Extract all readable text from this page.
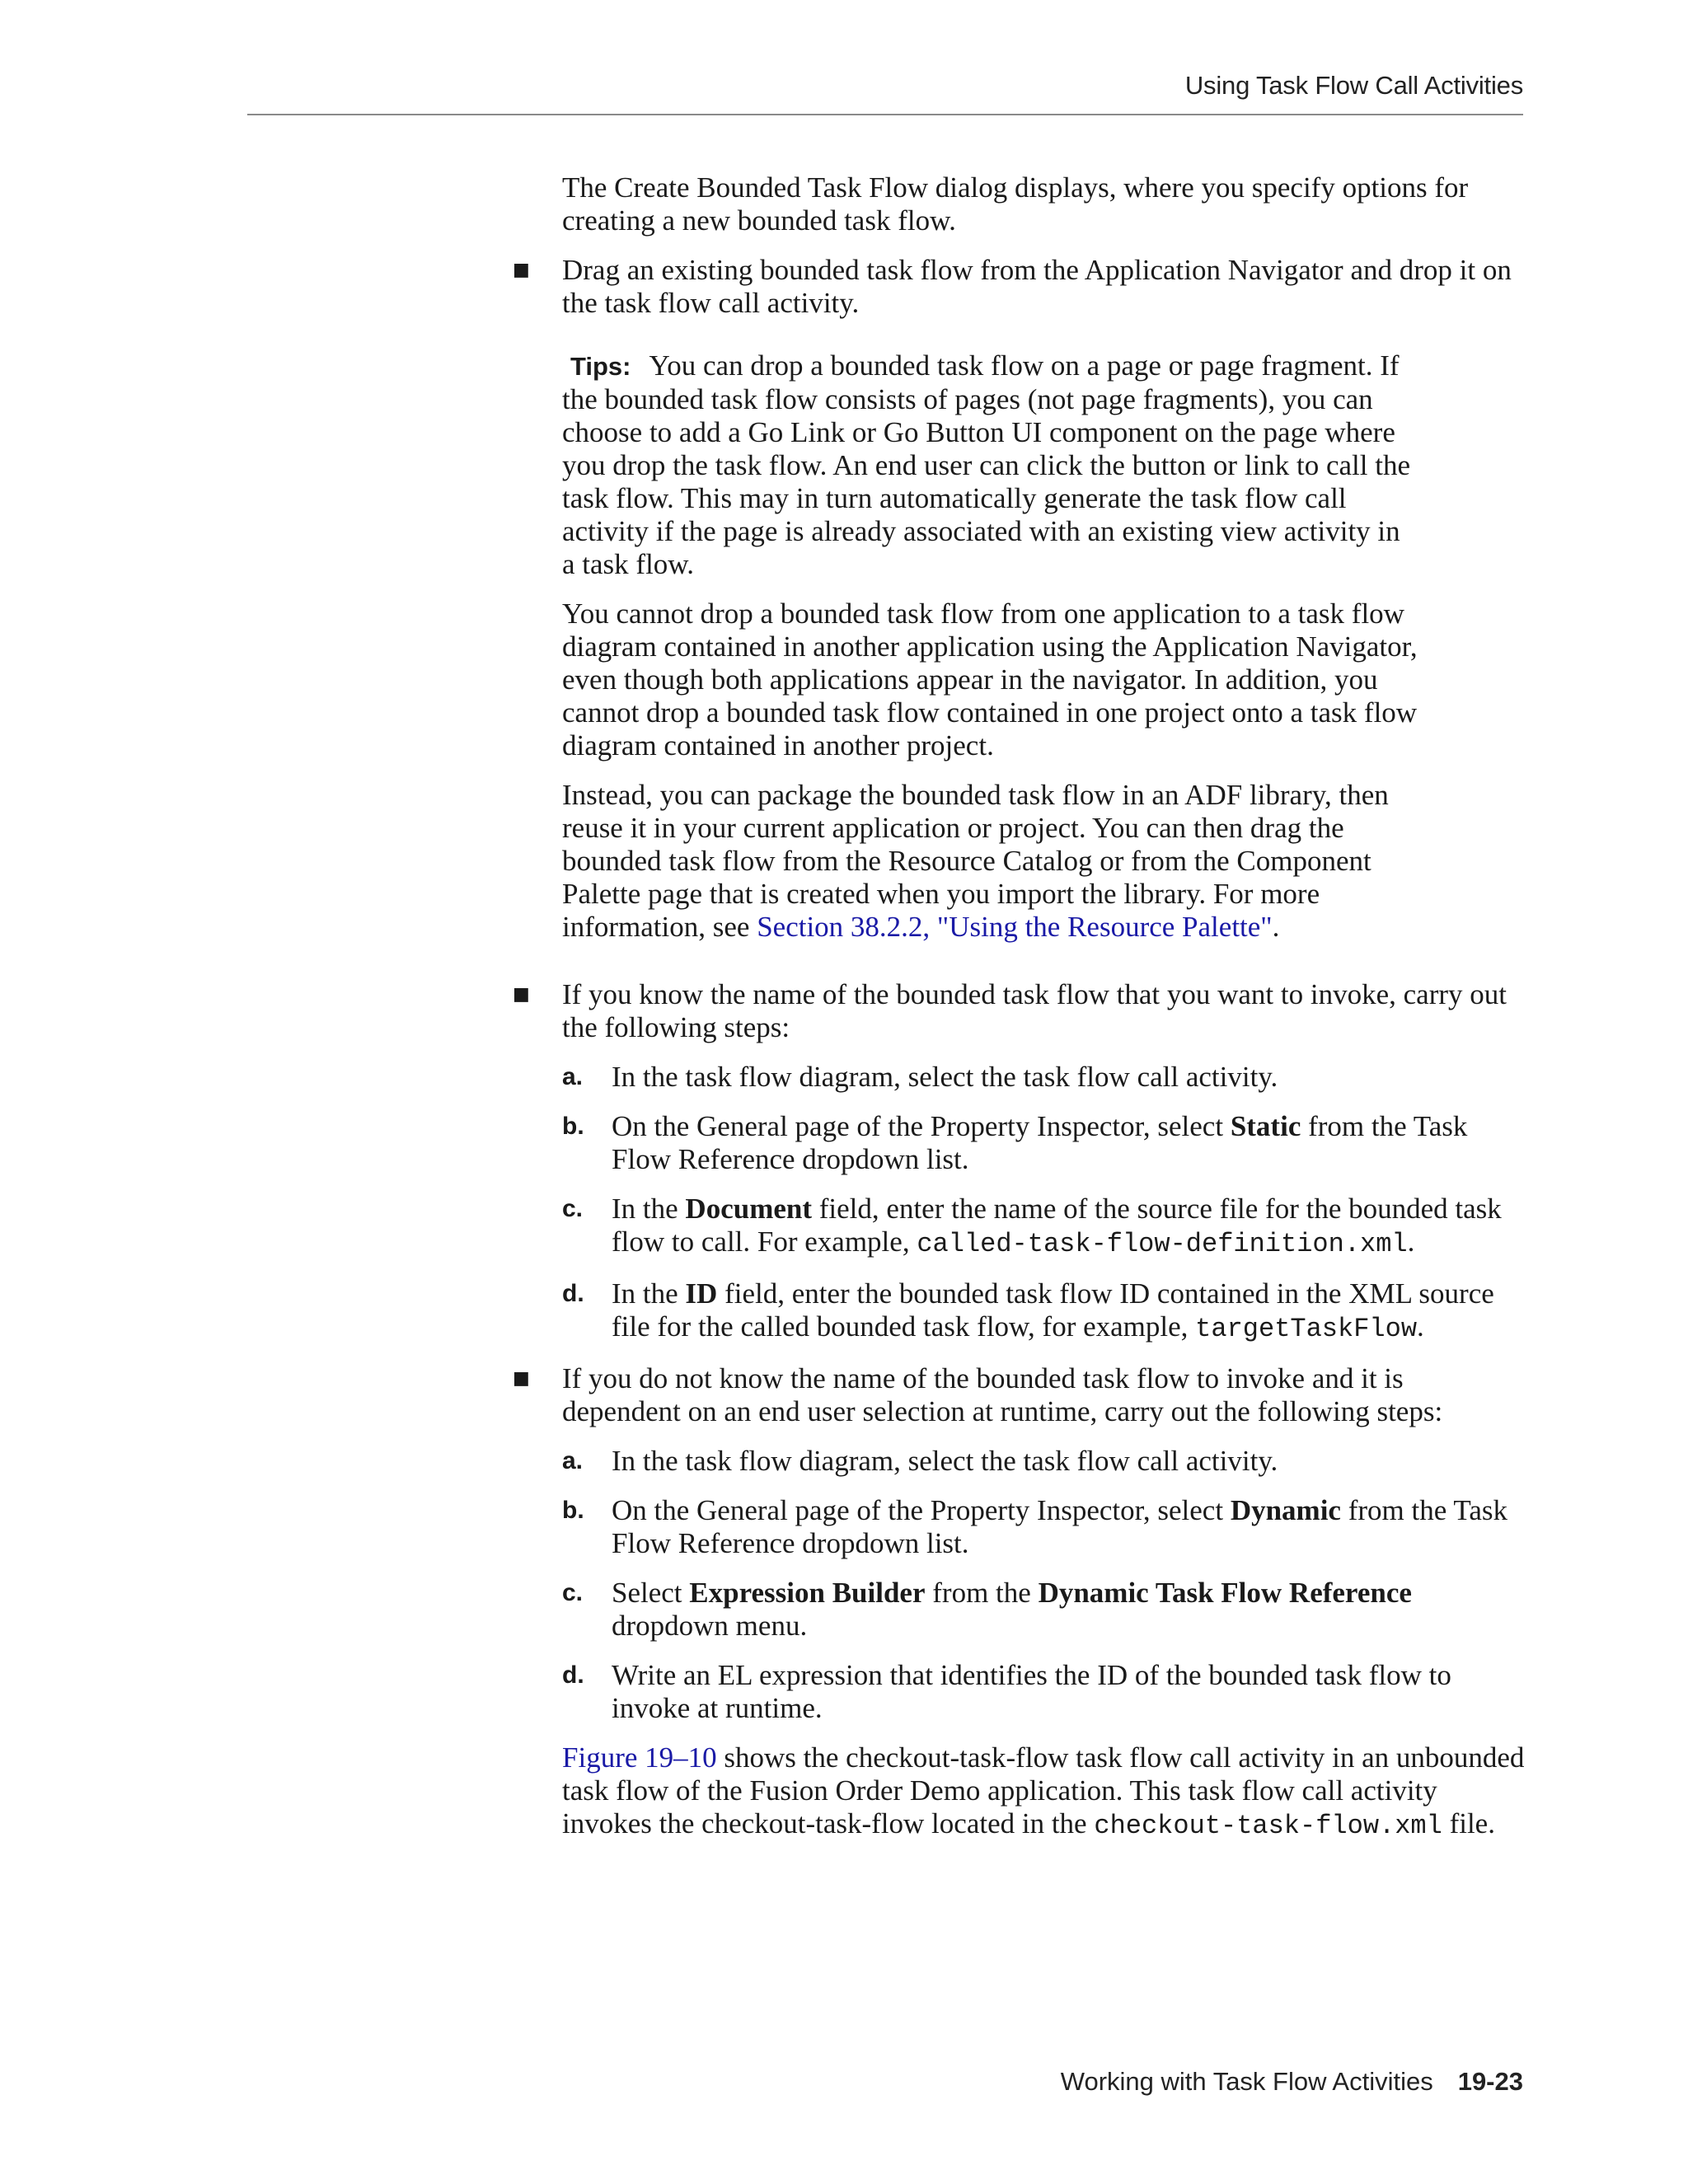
Using Task Flow Call Activities

The Create Bounded Task Flow dialog displays, where you specify options for creating a new bounded task flow.

■ Drag an existing bounded task flow from the Application Navigator and drop it on the task flow call activity.

Tips: You can drop a bounded task flow on a page or page fragment. If the bounded task flow consists of pages (not page fragments), you can choose to add a Go Link or Go Button UI component on the page where you drop the task flow. An end user can click the button or link to call the task flow. This may in turn automatically generate the task flow call activity if the page is already associated with an existing view activity in a task flow.

You cannot drop a bounded task flow from one application to a task flow diagram contained in another application using the Application Navigator, even though both applications appear in the navigator. In addition, you cannot drop a bounded task flow contained in one project onto a task flow diagram contained in another project.

Instead, you can package the bounded task flow in an ADF library, then reuse it in your current application or project. You can then drag the bounded task flow from the Resource Catalog or from the Component Palette page that is created when you import the library. For more information, see Section 38.2.2, "Using the Resource Palette".

■ If you know the name of the bounded task flow that you want to invoke, carry out the following steps:

a. In the task flow diagram, select the task flow call activity.

b. On the General page of the Property Inspector, select Static from the Task Flow Reference dropdown list.

c. In the Document field, enter the name of the source file for the bounded task flow to call. For example, called-task-flow-definition.xml.

d. In the ID field, enter the bounded task flow ID contained in the XML source file for the called bounded task flow, for example, targetTaskFlow.

■ If you do not know the name of the bounded task flow to invoke and it is dependent on an end user selection at runtime, carry out the following steps:

a. In the task flow diagram, select the task flow call activity.

b. On the General page of the Property Inspector, select Dynamic from the Task Flow Reference dropdown list.

c. Select Expression Builder from the Dynamic Task Flow Reference dropdown menu.

d. Write an EL expression that identifies the ID of the bounded task flow to invoke at runtime.

Figure 19–10 shows the checkout-task-flow task flow call activity in an unbounded task flow of the Fusion Order Demo application. This task flow call activity invokes the checkout-task-flow located in the checkout-task-flow.xml file.

Working with Task Flow Activities 19-23
